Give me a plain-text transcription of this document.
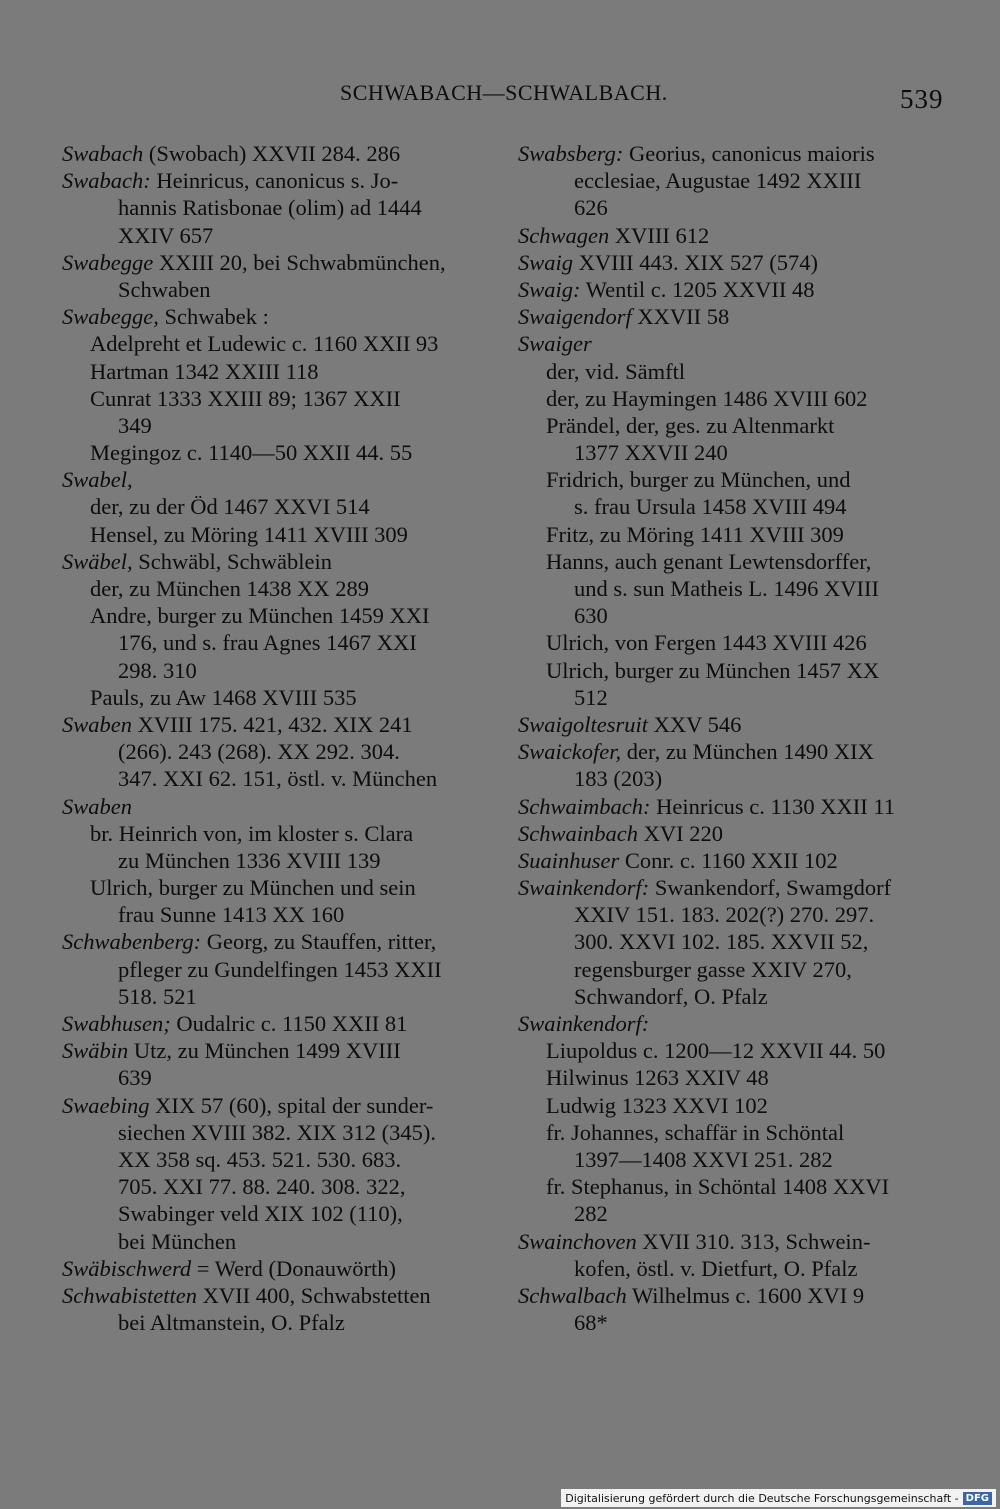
SCHWABACH—SCHWALBACH.	539
Swabach (Swobach) XXVII 284. 286
Swabach: Heinricus, canonicus s. Jo-
hannis Ratisbonae (olim) ad 1444
XXIV 657
Swabegge XXIII 20, bei Schwabmünchen,
Schwaben
Swabegge, Schwabek :
Adelpreht et Ludewic c. 1160 XXII 93
Hartman 1342 XXIII 118
Cunrat 1333 XXIII 89; 1367 XXII
349
Megingoz c. 1140—50 XXII 44. 55
Swabel,
der, zu der Öd 1467 XXVI 514
Hensel, zu Möring 1411 XVIII 309
Swäbel, Schwäbl, Schwäblein
der, zu München 1438 XX 289
Andre, burger zu München 1459 XXI
176, und s. frau Agnes 1467 XXI
298. 310
Pauls, zu Aw 1468 XVIII 535
Swaben XVIII 175. 421, 432. XIX 241
(266). 243 (268). XX 292. 304.
347. XXI 62. 151, östl. v. München
Swaben
br. Heinrich von, im kloster s. Clara
zu München 1336 XVIII 139
Ulrich, burger zu München und sein
frau Sunne 1413 XX 160
Schwabenberg: Georg, zu Stauffen, ritter,
pfleger zu Gundelfingen 1453 XXII
518. 521
Swabhusen; Oudalric c. 1150 XXII 81
Swäbin Utz, zu München 1499 XVIII
639
Swaebing XIX 57 (60), spital der sunder-
siechen XVIII 382. XIX 312 (345).
XX 358 sq. 453. 521. 530. 683.
705. XXI 77. 88. 240. 308. 322,
Swabinger veld XIX 102 (110),
bei München
Swäbischwerd = Werd (Donauwörth)
Schwabistetten XVII 400, Schwabstetten
bei Altmanstein, O. Pfalz
Swabsberg: Georius, canonicus maioris
ecclesiae, Augustae 1492 XXIII
626
Schwagen XVIII 612
Swaig XVIII 443. XIX 527 (574)
Swaig: Wentil c. 1205 XXVII 48
Swaigendorf XXVII 58
Swaiger
der, vid. Sämftl
der, zu Haymingen 1486 XVIII 602
Prändel, der, ges. zu Altenmarkt
1377 XXVII 240
Fridrich, burger zu München, und
s. frau Ursula 1458 XVIII 494
Fritz, zu Möring 1411 XVIII 309
Hanns, auch genant Lewtensdorffer,
und s. sun Matheis L. 1496 XVIII
630
Ulrich, von Fergen 1443 XVIII 426
Ulrich, burger zu München 1457 XX
512
Swaigoltesruit XXV 546
Swaickofer, der, zu München 1490 XIX
183 (203)
Schwaimbach: Heinricus c. 1130 XXII 11
Schwainbach XVI 220
Suainhuser Conr. c. 1160 XXII 102
Swainkendorf: Swankendorf, Swamgdorf
XXIV 151. 183. 202(?) 270. 297.
300. XXVI 102. 185. XXVII 52,
regensburger gasse XXIV 270,
Schwandorf, O. Pfalz
Swainkendorf:
Liupoldus c. 1200—12 XXVII 44. 50
Hilwinus 1263 XXIV 48
Ludwig 1323 XXVI 102
fr. Johannes, schaffär in Schöntal
1397—1408 XXVI 251. 282
fr. Stephanus, in Schöntal 1408 XXVI
282
Swainchoven XVII 310. 313, Schwein-
kofen, östl. v. Dietfurt, O. Pfalz
Schwalbach Wilhelmus c. 1600 XVI 9
68*
Digitalisierung gefördert durch die Deutsche Forschungsgemeinschaft - DFG
